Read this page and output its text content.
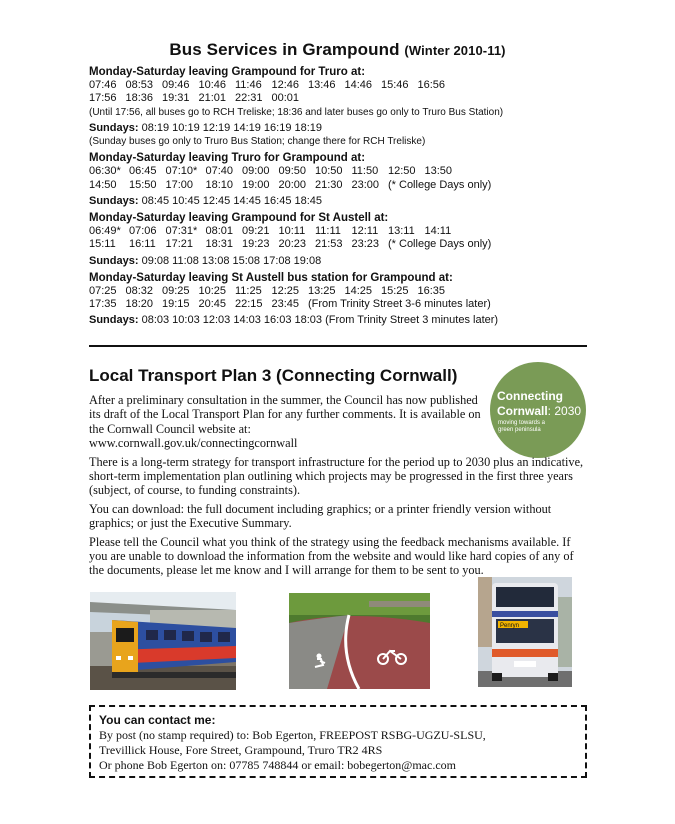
Bus Services in Grampound (Winter 2010-11)
Monday-Saturday leaving Grampound for Truro at:
07:46 08:53 09:46 10:46 11:46 12:46 13:46 14:46 15:46 16:56
17:56 18:36 19:31 21:01 22:31 00:01
(Until 17:56, all buses go to RCH Treliske; 18:36 and later buses go only to Truro Bus Station)
Sundays: 08:19 10:19 12:19 14:19 16:19 18:19
(Sunday buses go only to Truro Bus Station; change there for RCH Treliske)
Monday-Saturday leaving Truro for Grampound at:
06:30* 06:45 07:10* 07:40 09:00 09:50 10:50 11:50 12:50 13:50
14:50	15:50 17:00	18:10 19:00 20:00 21:30 23:00 (* College Days only)
Sundays: 08:45 10:45 12:45 14:45 16:45 18:45
Monday-Saturday leaving Grampound for St Austell at:
06:49* 07:06 07:31* 08:01 09:21 10:11 11:11 12:11 13:11 14:11
15:11	16:11 17:21	18:31 19:23 20:23 21:53 23:23 (* College Days only)
Sundays: 09:08 11:08 13:08 15:08 17:08 19:08
Monday-Saturday leaving St Austell bus station for Grampound at:
07:25 08:32 09:25 10:25 11:25 12:25 13:25 14:25 15:25 16:35
17:35 18:20 19:15 20:45 22:15 23:45 (From Trinity Street 3-6 minutes later)
Sundays: 08:03 10:03 12:03 14:03 16:03 18:03 (From Trinity Street 3 minutes later)
Local Transport Plan 3 (Connecting Cornwall)
Connecting
Cornwall: 2030
moving towards a green peninsula

After a preliminary consultation in the summer, the Council has now published its draft of the Local Transport Plan for any further comments. It is available on the Cornwall Council website at:
www.cornwall.gov.uk/connectingcornwall

There is a long-term strategy for transport infrastructure for the period up to 2030 plus an indicative, short-term implementation plan outlining which projects may be progressed in the first three years (subject, of course, to funding constraints).

You can download: the full document including graphics; or a printer friendly version without graphics; or just the Executive Summary.

Please tell the Council what you think of the strategy using the feedback mechanisms available. If you are unable to download the information from the website and would like hard copies of any of the documents, please let me know and I will arrange for them to be sent to you.

Penryn
You can contact me:
By post (no stamp required) to: Bob Egerton, FREEPOST RSBG-UGZU-SLSU,
Trevillick House, Fore Street, Grampound, Truro TR2 4RS
Or phone Bob Egerton on: 07785 748844 or email: bobegerton@mac.com
